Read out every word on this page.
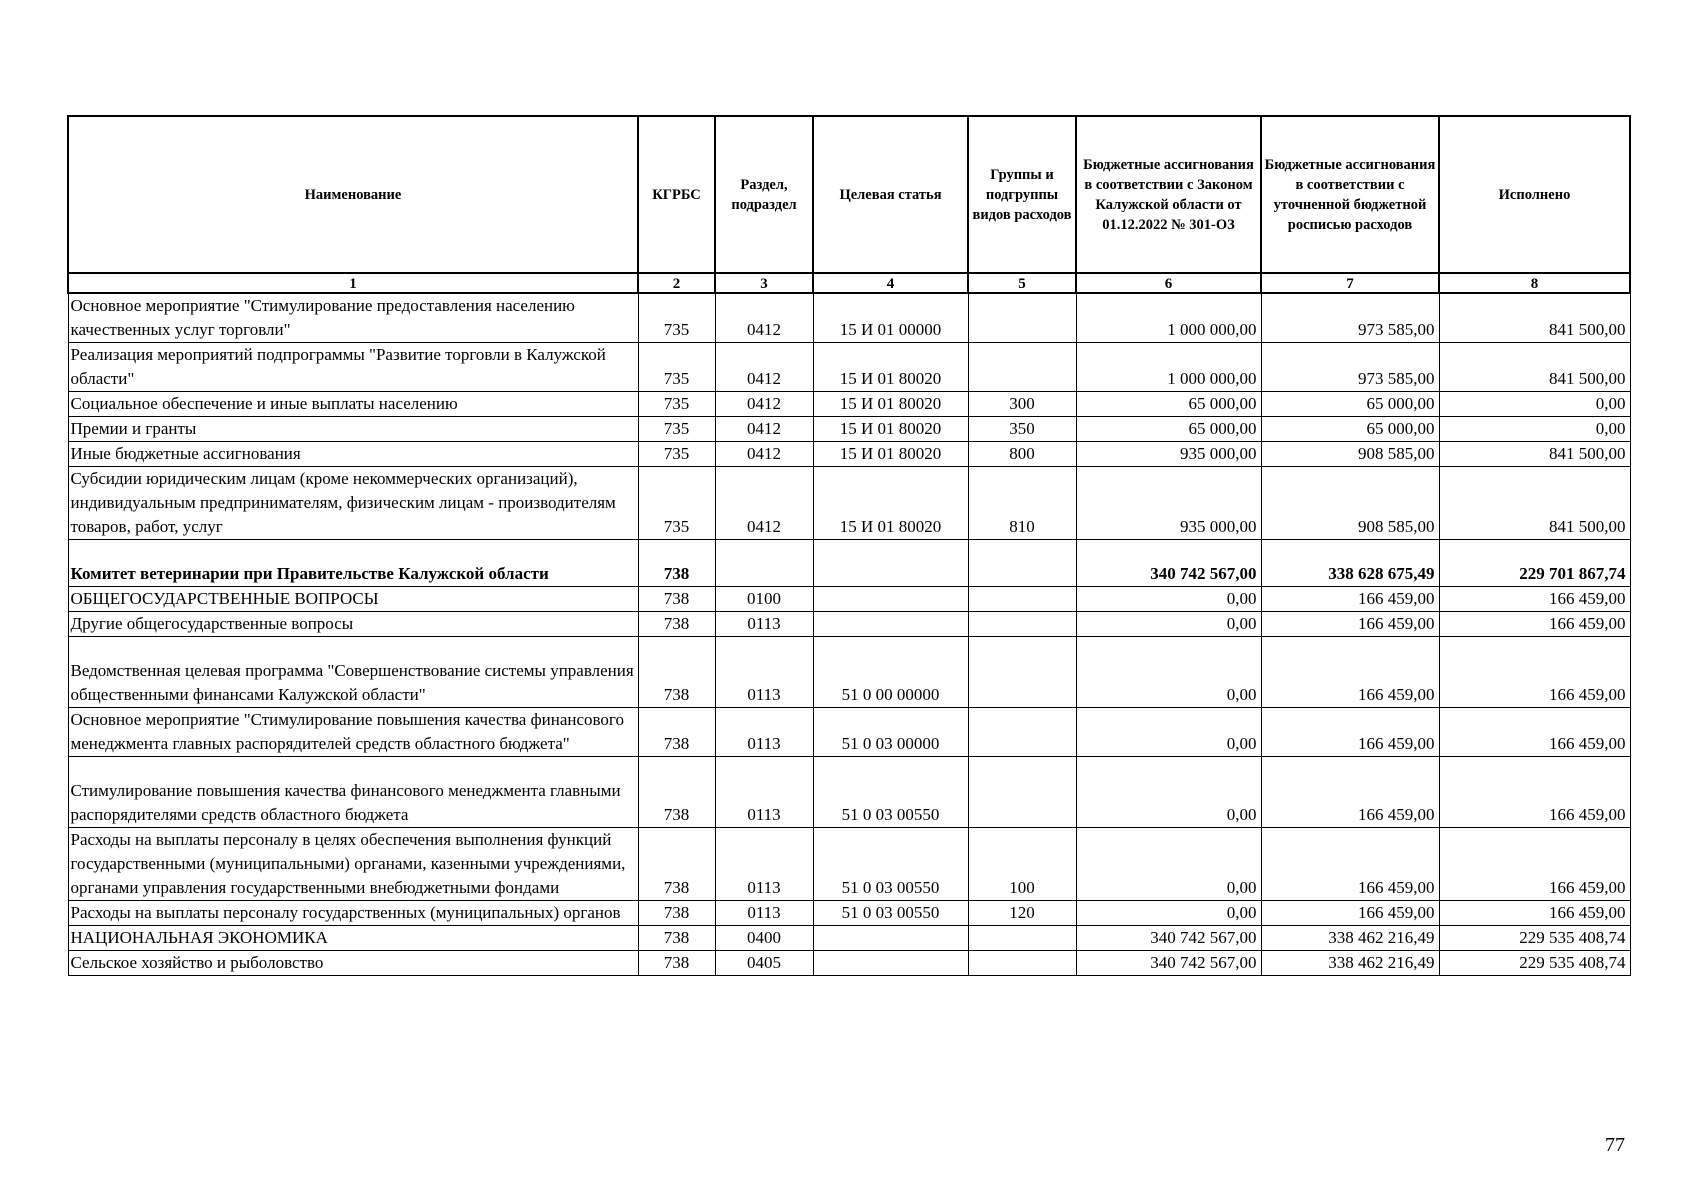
Наименование	КГРБС	Раздел, подраздел	Целевая статья	Группы и подгруппы видов расходов	Бюджетные ассигнования в соответствии с Законом Калужской области от 01.12.2022 № 301-ОЗ	Бюджетные ассигнования в соответствии с уточненной бюджетной росписью расходов	Исполнено
1	2	3	4	5	6	7	8
Основное мероприятие "Стимулирование предоставления населению качественных услуг торговли"	735	0412	15 И 01 00000		1 000 000,00	973 585,00	841 500,00
Реализация мероприятий подпрограммы "Развитие торговли в Калужской области"	735	0412	15 И 01 80020		1 000 000,00	973 585,00	841 500,00
Социальное обеспечение и иные выплаты населению	735	0412	15 И 01 80020	300	65 000,00	65 000,00	0,00
Премии и гранты	735	0412	15 И 01 80020	350	65 000,00	65 000,00	0,00
Иные бюджетные ассигнования	735	0412	15 И 01 80020	800	935 000,00	908 585,00	841 500,00
Субсидии юридическим лицам (кроме некоммерческих организаций), индивидуальным предпринимателям, физическим лицам - производителям товаров, работ, услуг	735	0412	15 И 01 80020	810	935 000,00	908 585,00	841 500,00
Комитет ветеринарии при Правительстве Калужской области	738				340 742 567,00	338 628 675,49	229 701 867,74
ОБЩЕГОСУДАРСТВЕННЫЕ ВОПРОСЫ	738	0100			0,00	166 459,00	166 459,00
Другие общегосударственные вопросы	738	0113			0,00	166 459,00	166 459,00
Ведомственная целевая программа "Совершенствование системы управления общественными финансами Калужской области"	738	0113	51 0 00 00000		0,00	166 459,00	166 459,00
Основное мероприятие "Стимулирование повышения качества финансового менеджмента главных распорядителей средств областного бюджета"	738	0113	51 0 03 00000		0,00	166 459,00	166 459,00
Стимулирование повышения качества финансового менеджмента главными распорядителями средств областного бюджета	738	0113	51 0 03 00550		0,00	166 459,00	166 459,00
Расходы на выплаты персоналу в целях обеспечения выполнения функций государственными (муниципальными) органами, казенными учреждениями, органами управления государственными внебюджетными фондами	738	0113	51 0 03 00550	100	0,00	166 459,00	166 459,00
Расходы на выплаты персоналу государственных (муниципальных) органов	738	0113	51 0 03 00550	120	0,00	166 459,00	166 459,00
НАЦИОНАЛЬНАЯ ЭКОНОМИКА	738	0400			340 742 567,00	338 462 216,49	229 535 408,74
Сельское хозяйство и рыболовство	738	0405			340 742 567,00	338 462 216,49	229 535 408,74
77
